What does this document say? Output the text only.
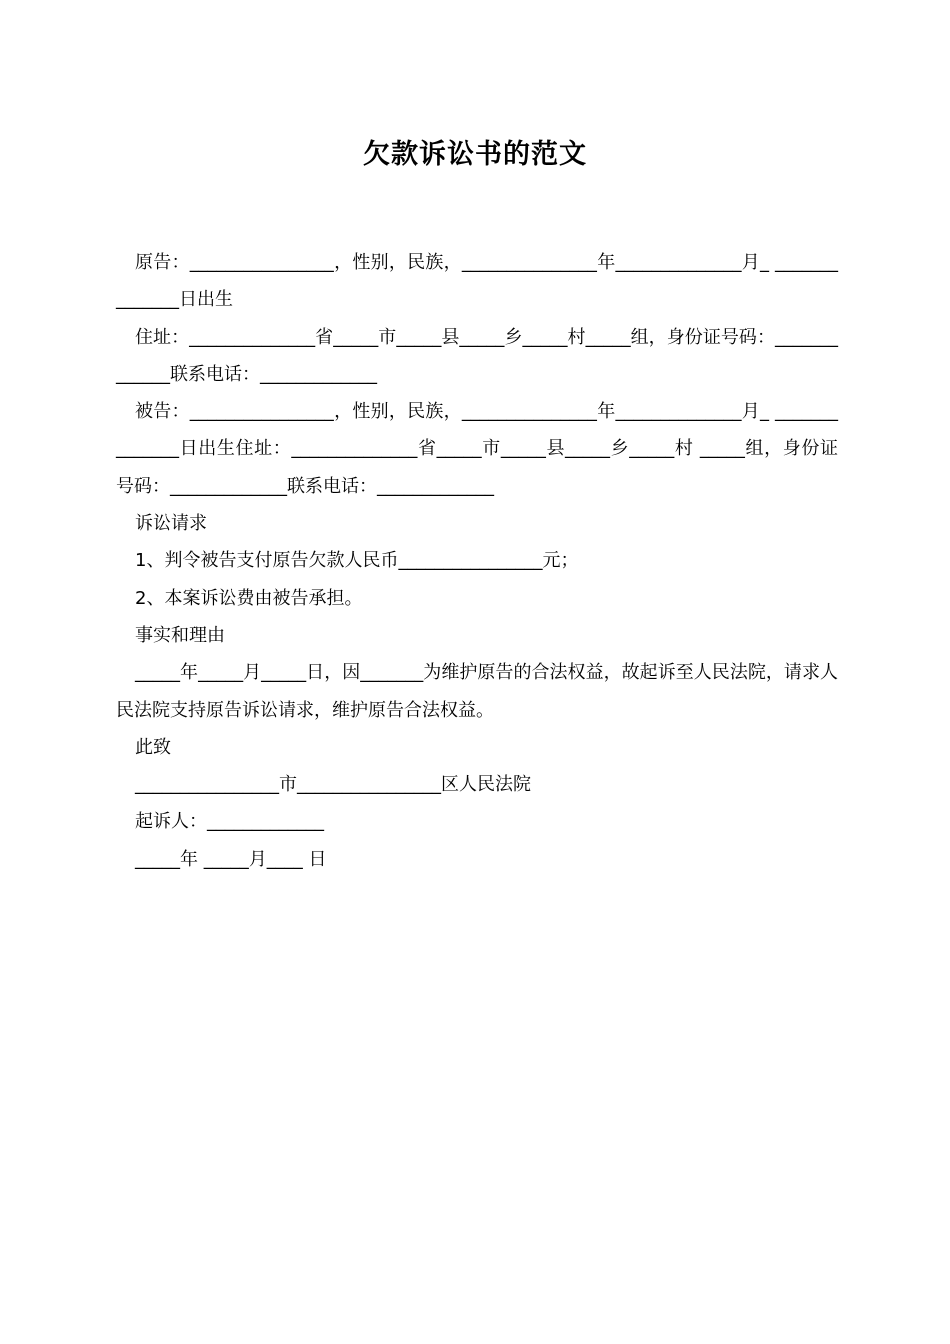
欠款诉讼书的范文

原告：________________，性别，民族，_______________年______________月_ ______________日出生

住址：______________省_____市_____县_____乡_____村_____组，身份证号码：_____________联系电话：_____________

被告：________________，性别，民族，_______________年______________月_ ______________日出生住址：______________省_____市_____县_____乡_____村 _____组，身份证号码：_____________联系电话：_____________

诉讼请求

1、判令被告支付原告欠款人民币________________元；

2、本案诉讼费由被告承担。

事实和理由

_____年_____月_____日，因_______为维护原告的合法权益，故起诉至人民法院，请求人民法院支持原告诉讼请求，维护原告合法权益。

此致

________________市________________区人民法院

起诉人：_____________

_____年 _____月____ 日
